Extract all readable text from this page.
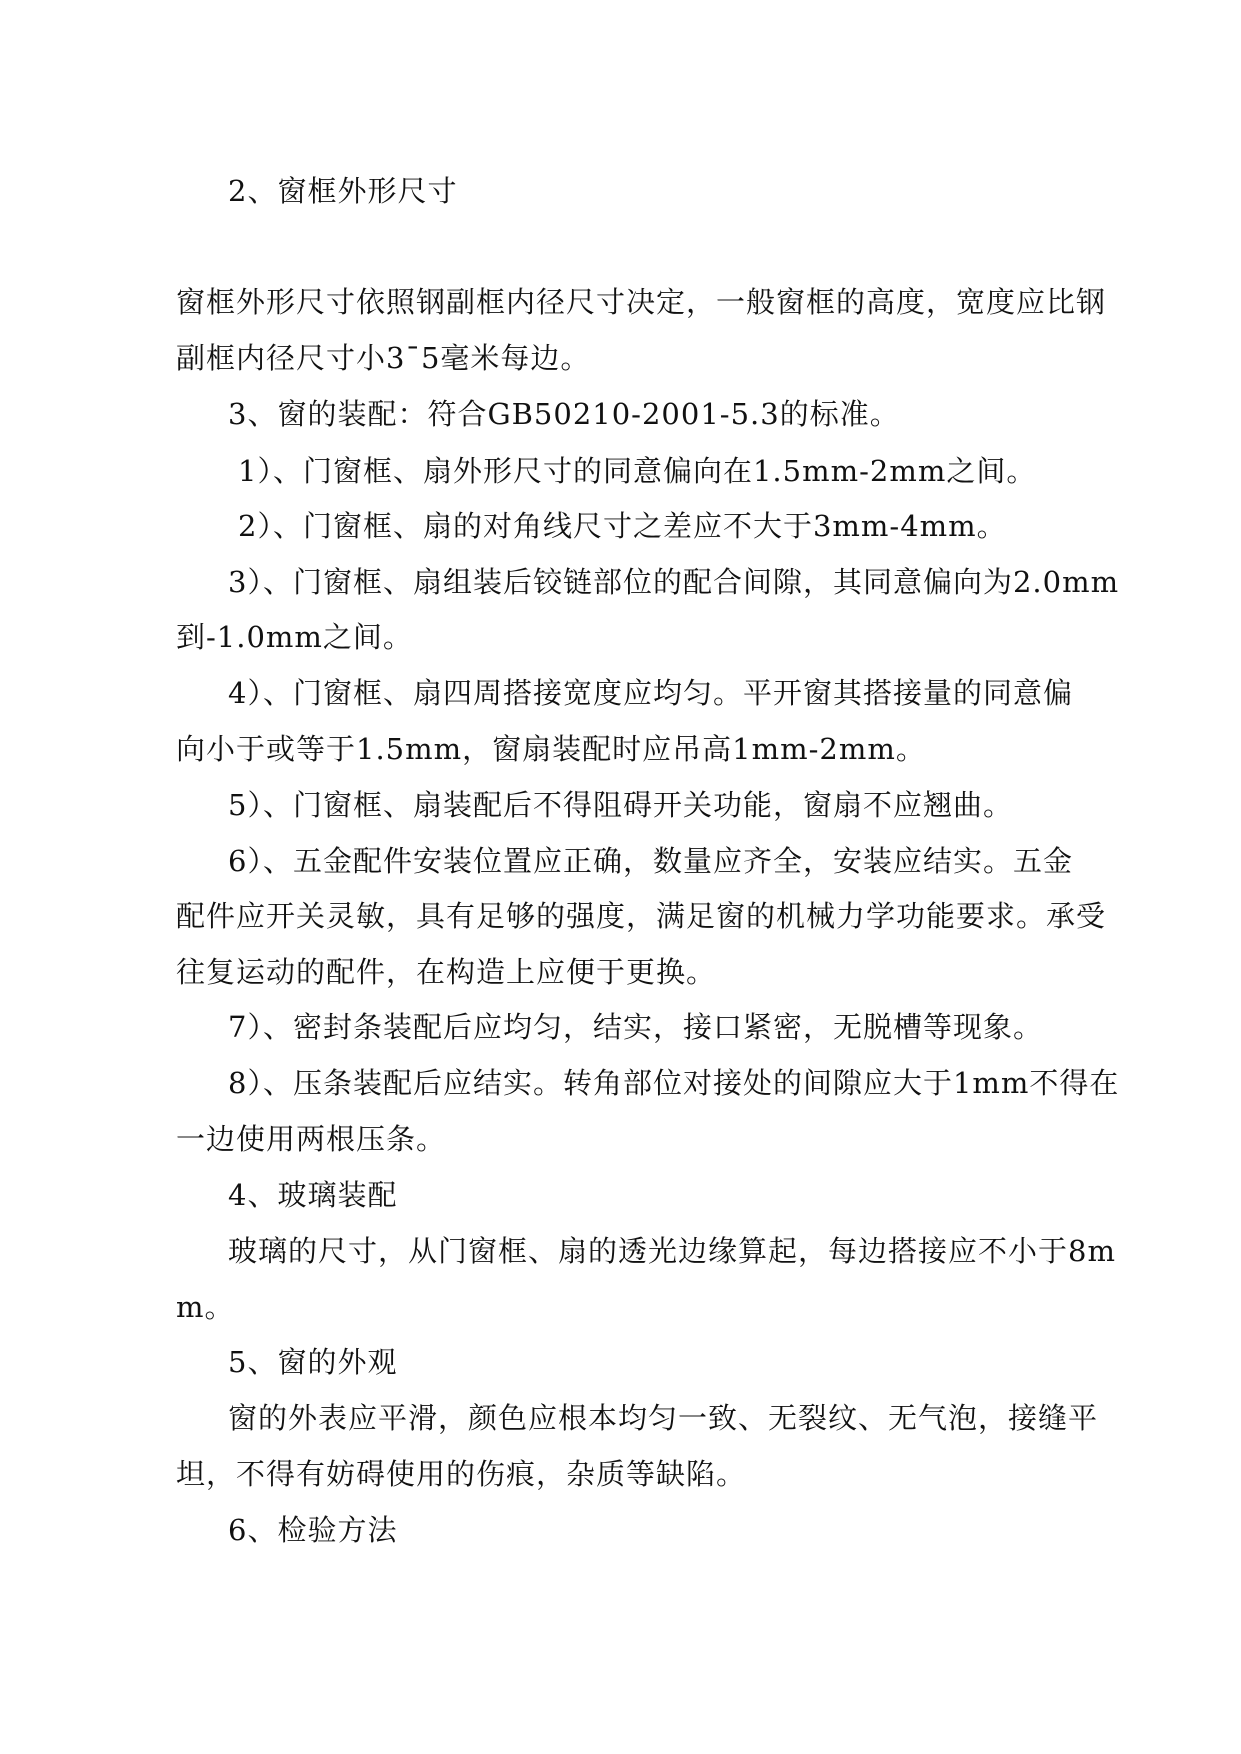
2、窗框外形尺寸
窗框外形尺寸依照钢副框内径尺寸决定，一般窗框的高度，宽度应比钢
副框内径尺寸小3¯5毫米每边。
3、窗的装配：符合GB50210-2001-5.3的标准。
1）、门窗框、扇外形尺寸的同意偏向在1.5mm-2mm之间。
2）、门窗框、扇的对角线尺寸之差应不大于3mm-4mm。
3）、门窗框、扇组装后铰链部位的配合间隙，其同意偏向为2.0mm
到-1.0mm之间。
4）、门窗框、扇四周搭接宽度应均匀。平开窗其搭接量的同意偏
向小于或等于1.5mm，窗扇装配时应吊高1mm-2mm。
5）、门窗框、扇装配后不得阻碍开关功能，窗扇不应翘曲。
6）、五金配件安装位置应正确，数量应齐全，安装应结实。五金
配件应开关灵敏，具有足够的强度，满足窗的机械力学功能要求。承受
往复运动的配件，在构造上应便于更换。
7）、密封条装配后应均匀，结实，接口紧密，无脱槽等现象。
8）、压条装配后应结实。转角部位对接处的间隙应大于1mm不得在
一边使用两根压条。
4、玻璃装配
玻璃的尺寸，从门窗框、扇的透光边缘算起，每边搭接应不小于8m
m。
5、窗的外观
窗的外表应平滑，颜色应根本均匀一致、无裂纹、无气泡，接缝平
坦，不得有妨碍使用的伤痕，杂质等缺陷。
6、检验方法
